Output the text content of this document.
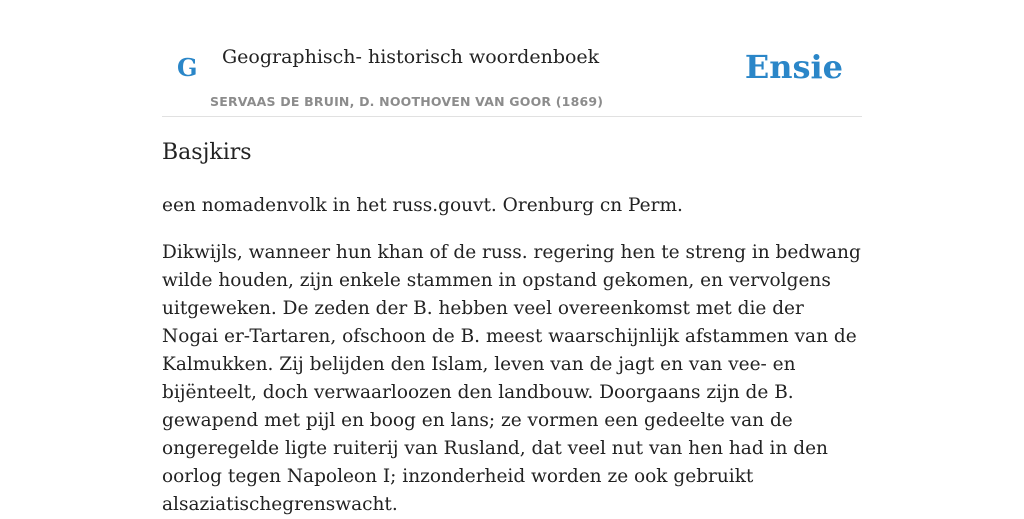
G Geographisch- historisch woordenboek
SERVAAS DE BRUIN, D. NOOTHOVEN VAN GOOR (1869)
Ensie
Basjkirs

een nomadenvolk in het russ.gouvt. Orenburg cn Perm.

Dikwijls, wanneer hun khan of de russ. regering hen te streng in bedwang wilde houden, zijn enkele stammen in opstand gekomen, en vervolgens uitgeweken. De zeden der B. hebben veel overeenkomst met die der Nogai er-Tartaren, ofschoon de B. meest waarschijnlijk afstammen van de Kalmukken. Zij belijden den Islam, leven van de jagt en van vee- en bijënteelt, doch verwaarloozen den landbouw. Doorgaans zijn de B. gewapend met pijl en boog en lans; ze vormen een gedeelte van de ongeregelde ligte ruiterij van Rusland, dat veel nut van hen had in den oorlog tegen Napoleon I; inzonderheid worden ze ook gebruikt alsaziatischegrenswacht.
